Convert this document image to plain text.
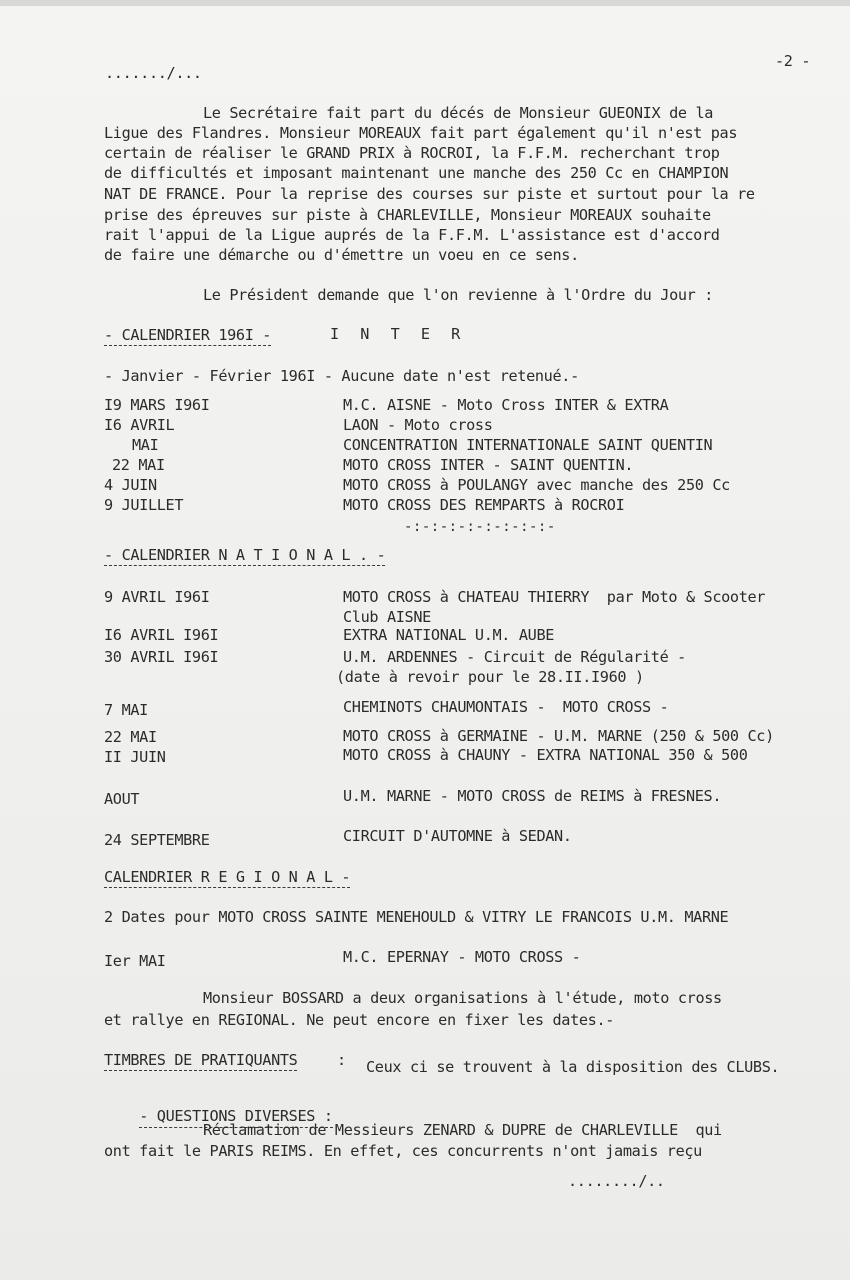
......./...
-2 -
Le Secrétaire fait part du décés de Monsieur GUEONIX de la
Ligue des Flandres. Monsieur MOREAUX fait part également qu'il n'est pas
certain de réaliser le GRAND PRIX à ROCROI, la F.F.M. recherchant trop
de difficultés et imposant maintenant une manche des 250 Cc en CHAMPION
NAT DE FRANCE. Pour la reprise des courses sur piste et surtout pour la re
prise des épreuves sur piste à CHARLEVILLE, Monsieur MOREAUX souhaite
rait l'appui de la Ligue auprés de la F.F.M. L'assistance est d'accord
de faire une démarche ou d'émettre un voeu en ce sens.
Le Président demande que l'on revienne à l'Ordre du Jour :
- CALENDRIER 196I -	I N T E R
- Janvier - Février 196I - Aucune date n'est retenué.-
I9 MARS I96I	M.C. AISNE - Moto Cross INTER & EXTRA
I6 AVRIL	LAON - Moto cross
MAI	CONCENTRATION INTERNATIONALE SAINT QUENTIN
22 MAI	MOTO CROSS INTER - SAINT QUENTIN.
4 JUIN	MOTO CROSS à POULANGY avec manche des 250 Cc
9 JUILLET	MOTO CROSS DES REMPARTS à ROCROI
-:-:-:-:-:-:-:-:-
- CALENDRIER N A T I O N A L . -
9 AVRIL I96I	MOTO CROSS à CHATEAU THIERRY  par Moto & Scooter
Club AISNE
I6 AVRIL I96I	EXTRA NATIONAL U.M. AUBE
30 AVRIL I96I	U.M. ARDENNES - Circuit de Régularité -
(date à revoir pour le 28.II.I960 )
7 MAI	CHEMINOTS CHAUMONTAIS -  MOTO CROSS -
22 MAI	MOTO CROSS à GERMAINE - U.M. MARNE (250 & 500 Cc)
II JUIN	MOTO CROSS à CHAUNY - EXTRA NATIONAL 350 & 500
AOUT	U.M. MARNE - MOTO CROSS de REIMS à FRESNES.
24 SEPTEMBRE	CIRCUIT D'AUTOMNE à SEDAN.
CALENDRIER R E G I O N A L -
2 Dates pour MOTO CROSS SAINTE MENEHOULD & VITRY LE FRANCOIS U.M. MARNE
Ier MAI	M.C. EPERNAY - MOTO CROSS -
Monsieur BOSSARD a deux organisations à l'étude, moto cross
et rallye en REGIONAL. Ne peut encore en fixer les dates.-
TIMBRES DE PRATIQUANTS	: Ceux ci se trouvent à la disposition des CLUBS.

- QUESTIONS DIVERSES :

Réclamation de Messieurs ZENARD & DUPRE de CHARLEVILLE  qui
ont fait le PARIS REIMS. En effet, ces concurrents n'ont jamais reçu
......../..
